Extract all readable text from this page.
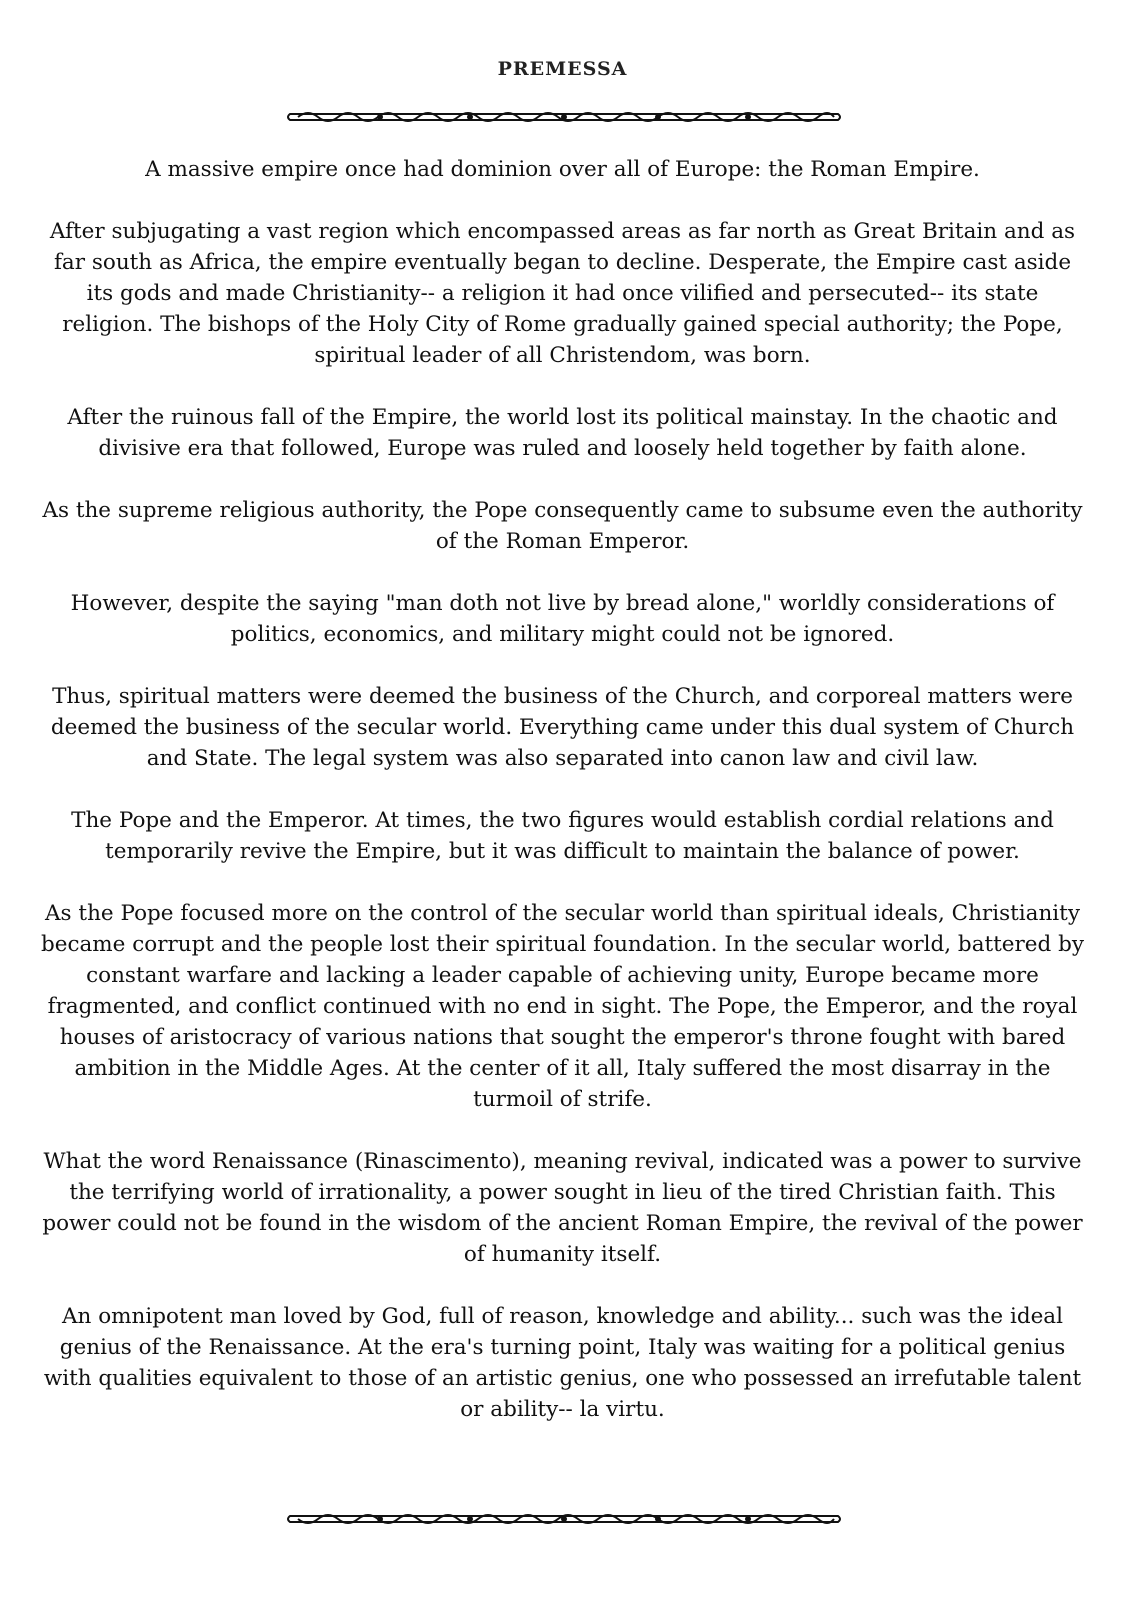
PREMESSA

A massive empire once had dominion over all of Europe: the Roman Empire.

After subjugating a vast region which encompassed areas as far north as Great Britain and as far south as Africa, the empire eventually began to decline. Desperate, the Empire cast aside its gods and made Christianity-- a religion it had once vilified and persecuted-- its state religion. The bishops of the Holy City of Rome gradually gained special authority; the Pope, spiritual leader of all Christendom, was born.

After the ruinous fall of the Empire, the world lost its political mainstay. In the chaotic and divisive era that followed, Europe was ruled and loosely held together by faith alone.

As the supreme religious authority, the Pope consequently came to subsume even the authority of the Roman Emperor.

However, despite the saying "man doth not live by bread alone," worldly considerations of politics, economics, and military might could not be ignored.

Thus, spiritual matters were deemed the business of the Church, and corporeal matters were deemed the business of the secular world. Everything came under this dual system of Church and State. The legal system was also separated into canon law and civil law.

The Pope and the Emperor. At times, the two figures would establish cordial relations and temporarily revive the Empire, but it was difficult to maintain the balance of power.

As the Pope focused more on the control of the secular world than spiritual ideals, Christianity became corrupt and the people lost their spiritual foundation. In the secular world, battered by constant warfare and lacking a leader capable of achieving unity, Europe became more fragmented, and conflict continued with no end in sight. The Pope, the Emperor, and the royal houses of aristocracy of various nations that sought the emperor's throne fought with bared ambition in the Middle Ages. At the center of it all, Italy suffered the most disarray in the turmoil of strife.

What the word Renaissance (Rinascimento), meaning revival, indicated was a power to survive the terrifying world of irrationality, a power sought in lieu of the tired Christian faith. This power could not be found in the wisdom of the ancient Roman Empire, the revival of the power of humanity itself.

An omnipotent man loved by God, full of reason, knowledge and ability... such was the ideal genius of the Renaissance. At the era's turning point, Italy was waiting for a political genius with qualities equivalent to those of an artistic genius, one who possessed an irrefutable talent or ability-- la virtu.
